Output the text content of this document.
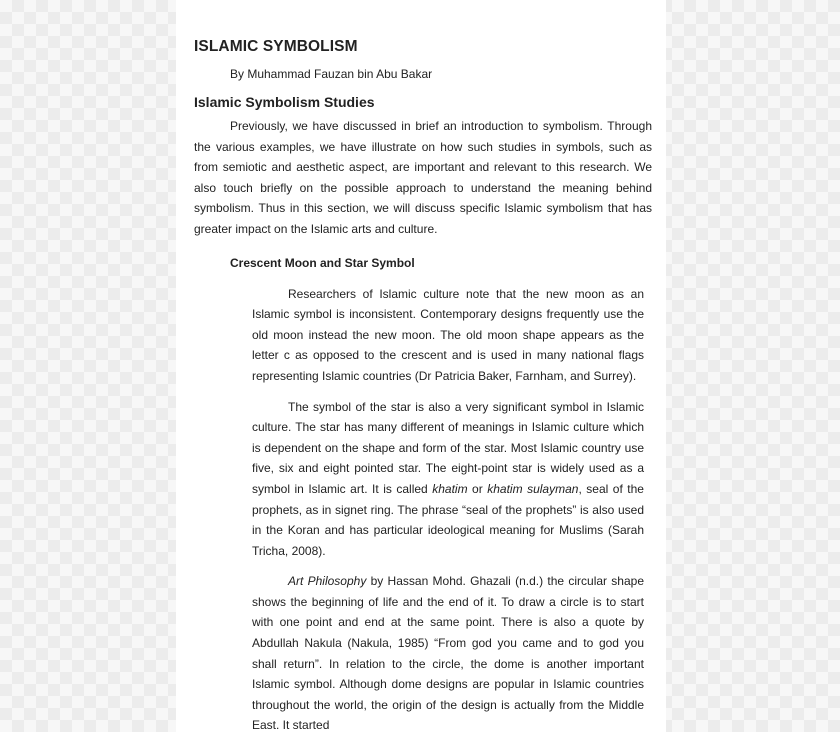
ISLAMIC SYMBOLISM
By Muhammad Fauzan bin Abu Bakar
Islamic Symbolism Studies

Previously, we have discussed in brief an introduction to symbolism. Through the various examples, we have illustrate on how such studies in symbols, such as from semiotic and aesthetic aspect, are important and relevant to this research. We also touch briefly on the possible approach to understand the meaning behind symbolism. Thus in this section, we will discuss specific Islamic symbolism that has greater impact on the Islamic arts and culture.

Crescent Moon and Star Symbol

Researchers of Islamic culture note that the new moon as an Islamic symbol is inconsistent. Contemporary designs frequently use the old moon instead the new moon. The old moon shape appears as the letter c as opposed to the crescent and is used in many national flags representing Islamic countries (Dr Patricia Baker, Farnham, and Surrey).

The symbol of the star is also a very significant symbol in Islamic culture. The star has many different of meanings in Islamic culture which is dependent on the shape and form of the star. Most Islamic country use five, six and eight pointed star. The eight-point star is widely used as a symbol in Islamic art. It is called khatim or khatim sulayman, seal of the prophets, as in signet ring. The phrase “seal of the prophets” is also used in the Koran and has particular ideological meaning for Muslims (Sarah Tricha, 2008).

Art Philosophy by Hassan Mohd. Ghazali (n.d.) the circular shape shows the beginning of life and the end of it. To draw a circle is to start with one point and end at the same point. There is also a quote by Abdullah Nakula (Nakula, 1985) “From god you came and to god you shall return”. In relation to the circle, the dome is another important Islamic symbol. Although dome designs are popular in Islamic countries throughout the world, the origin of the design is actually from the Middle East. It started
